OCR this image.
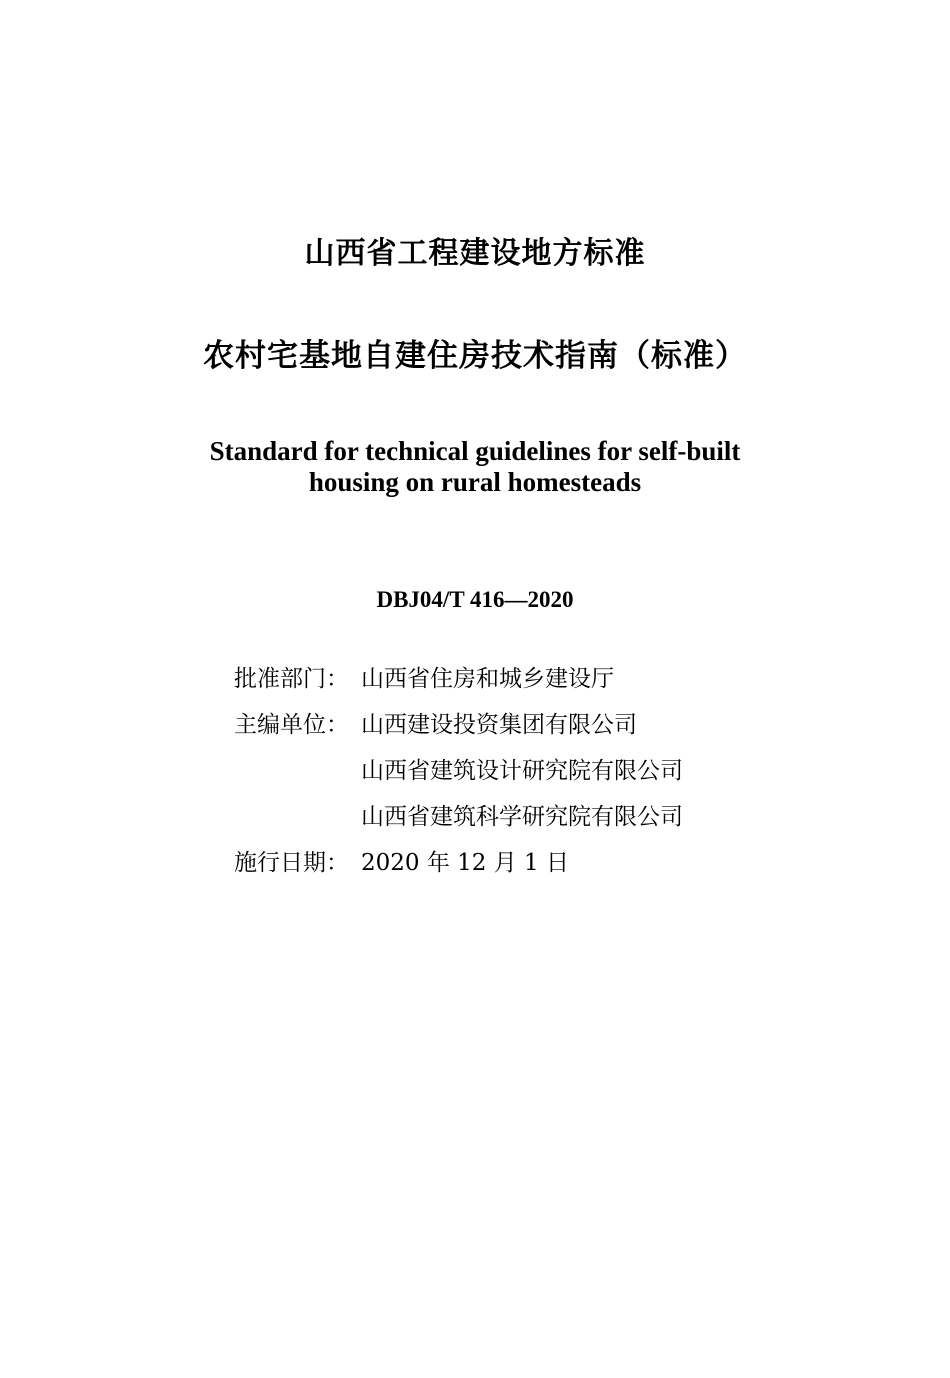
山西省工程建设地方标准
农村宅基地自建住房技术指南（标准）
Standard for technical guidelines for self-built
housing on rural homesteads
DBJ04/T 416—2020
批准部门： 山西省住房和城乡建设厅
主编单位： 山西建设投资集团有限公司
山西省建筑设计研究院有限公司
山西省建筑科学研究院有限公司
施行日期： 2020 年 12 月 1 日
